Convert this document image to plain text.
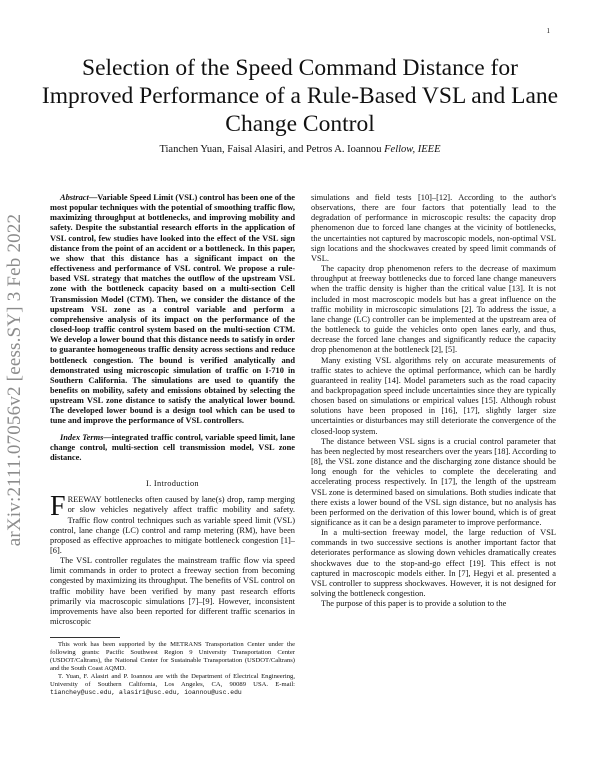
1
arXiv:2111.07056v2 [eess.SY] 3 Feb 2022
Selection of the Speed Command Distance for Improved Performance of a Rule-Based VSL and Lane Change Control
Tianchen Yuan, Faisal Alasiri, and Petros A. Ioannou Fellow, IEEE

Abstract—Variable Speed Limit (VSL) control has been one of the most popular techniques with the potential of smoothing traffic flow, maximizing throughput at bottlenecks, and improving mobility and safety. Despite the substantial research efforts in the application of VSL control, few studies have looked into the effect of the VSL sign distance from the point of an accident or a bottleneck. In this paper, we show that this distance has a significant impact on the effectiveness and performance of VSL control. We propose a rule-based VSL strategy that matches the outflow of the upstream VSL zone with the bottleneck capacity based on a multi-section Cell Transmission Model (CTM). Then, we consider the distance of the upstream VSL zone as a control variable and perform a comprehensive analysis of its impact on the performance of the closed-loop traffic control system based on the multi-section CTM. We develop a lower bound that this distance needs to satisfy in order to guarantee homogeneous traffic density across sections and reduce bottleneck congestion. The bound is verified analytically and demonstrated using microscopic simulation of traffic on I-710 in Southern California. The simulations are used to quantify the benefits on mobility, safety and emissions obtained by selecting the upstream VSL zone distance to satisfy the analytical lower bound. The developed lower bound is a design tool which can be used to tune and improve the performance of VSL controllers.

Index Terms—integrated traffic control, variable speed limit, lane change control, multi-section cell transmission model, VSL zone distance.

I. Introduction

FREEWAY bottlenecks often caused by lane(s) drop, ramp merging or slow vehicles negatively affect traffic mobility and safety. Traffic flow control techniques such as variable speed limit (VSL) control, lane change (LC) control and ramp metering (RM), have been proposed as effective approaches to mitigate bottleneck congestion [1]–[6].

The VSL controller regulates the mainstream traffic flow via speed limit commands in order to protect a freeway section from becoming congested by maximizing its throughput. The benefits of VSL control on traffic mobility have been verified by many past research efforts primarily via macroscopic simulations [7]–[9]. However, inconsistent improvements have also been reported for different traffic scenarios in microscopic

This work has been supported by the METRANS Transportation Center under the following grants: Pacific Southwest Region 9 University Transportation Center (USDOT/Caltrans), the National Center for Sustainable Transportation (USDOT/Caltrans) and the South Coast AQMD.

T. Yuan, F. Alasiri and P. Ioannou are with the Department of Electrical Engineering, University of Southern California, Los Angeles, CA, 90089 USA. E-mail: tianchey@usc.edu, alasiri@usc.edu, ioannou@usc.edu

simulations and field tests [10]–[12]. According to the author's observations, there are four factors that potentially lead to the degradation of performance in microscopic results: the capacity drop phenomenon due to forced lane changes at the vicinity of bottlenecks, the uncertainties not captured by macroscopic models, non-optimal VSL sign locations and the shockwaves created by speed limit commands of VSL.

The capacity drop phenomenon refers to the decrease of maximum throughput at freeway bottlenecks due to forced lane change maneuvers when the traffic density is higher than the critical value [13]. It is not included in most macroscopic models but has a great influence on the traffic mobility in microscopic simulations [2]. To address the issue, a lane change (LC) controller can be implemented at the upstream area of the bottleneck to guide the vehicles onto open lanes early, and thus, decrease the forced lane changes and significantly reduce the capacity drop phenomenon at the bottleneck [2], [5].

Many existing VSL algorithms rely on accurate measurements of traffic states to achieve the optimal performance, which can be hardly guaranteed in reality [14]. Model parameters such as the road capacity and backpropagation speed include uncertainties since they are typically chosen based on simulations or empirical values [15]. Although robust solutions have been proposed in [16], [17], slightly larger size uncertainties or disturbances may still deteriorate the convergence of the closed-loop system.

The distance between VSL signs is a crucial control parameter that has been neglected by most researchers over the years [18]. According to [8], the VSL zone distance and the discharging zone distance should be long enough for the vehicles to complete the decelerating and accelerating process respectively. In [17], the length of the upstream VSL zone is determined based on simulations. Both studies indicate that there exists a lower bound of the VSL sign distance, but no analysis has been performed on the derivation of this lower bound, which is of great significance as it can be a design parameter to improve performance.

In a multi-section freeway model, the large reduction of VSL commands in two successive sections is another important factor that deteriorates performance as slowing down vehicles dramatically creates shockwaves due to the stop-and-go effect [19]. This effect is not captured in macroscopic models either. In [7], Hegyi et al. presented a VSL controller to suppress shockwaves. However, it is not designed for solving the bottleneck congestion.

The purpose of this paper is to provide a solution to the
